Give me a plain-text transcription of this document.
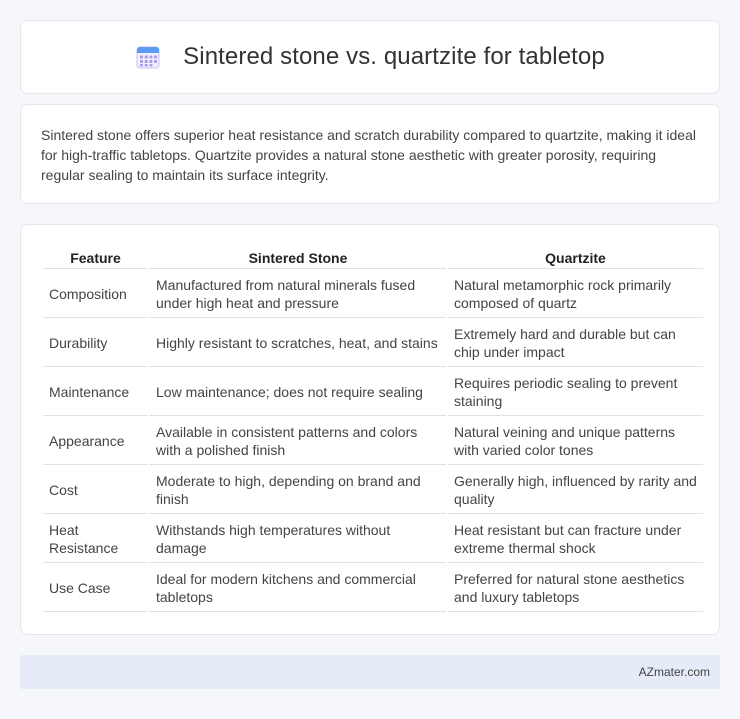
Sintered stone vs. quartzite for tabletop

Sintered stone offers superior heat resistance and scratch durability compared to quartzite, making it ideal for high-traffic tabletops. Quartzite provides a natural stone aesthetic with greater porosity, requiring regular sealing to maintain its surface integrity.

Feature	Sintered Stone	Quartzite
Composition	Manufactured from natural minerals fused under high heat and pressure	Natural metamorphic rock primarily composed of quartz
Durability	Highly resistant to scratches, heat, and stains	Extremely hard and durable but can chip under impact
Maintenance	Low maintenance; does not require sealing	Requires periodic sealing to prevent staining
Appearance	Available in consistent patterns and colors with a polished finish	Natural veining and unique patterns with varied color tones
Cost	Moderate to high, depending on brand and finish	Generally high, influenced by rarity and quality
Heat Resistance	Withstands high temperatures without damage	Heat resistant but can fracture under extreme thermal shock
Use Case	Ideal for modern kitchens and commercial tabletops	Preferred for natural stone aesthetics and luxury tabletops
AZmater.com
